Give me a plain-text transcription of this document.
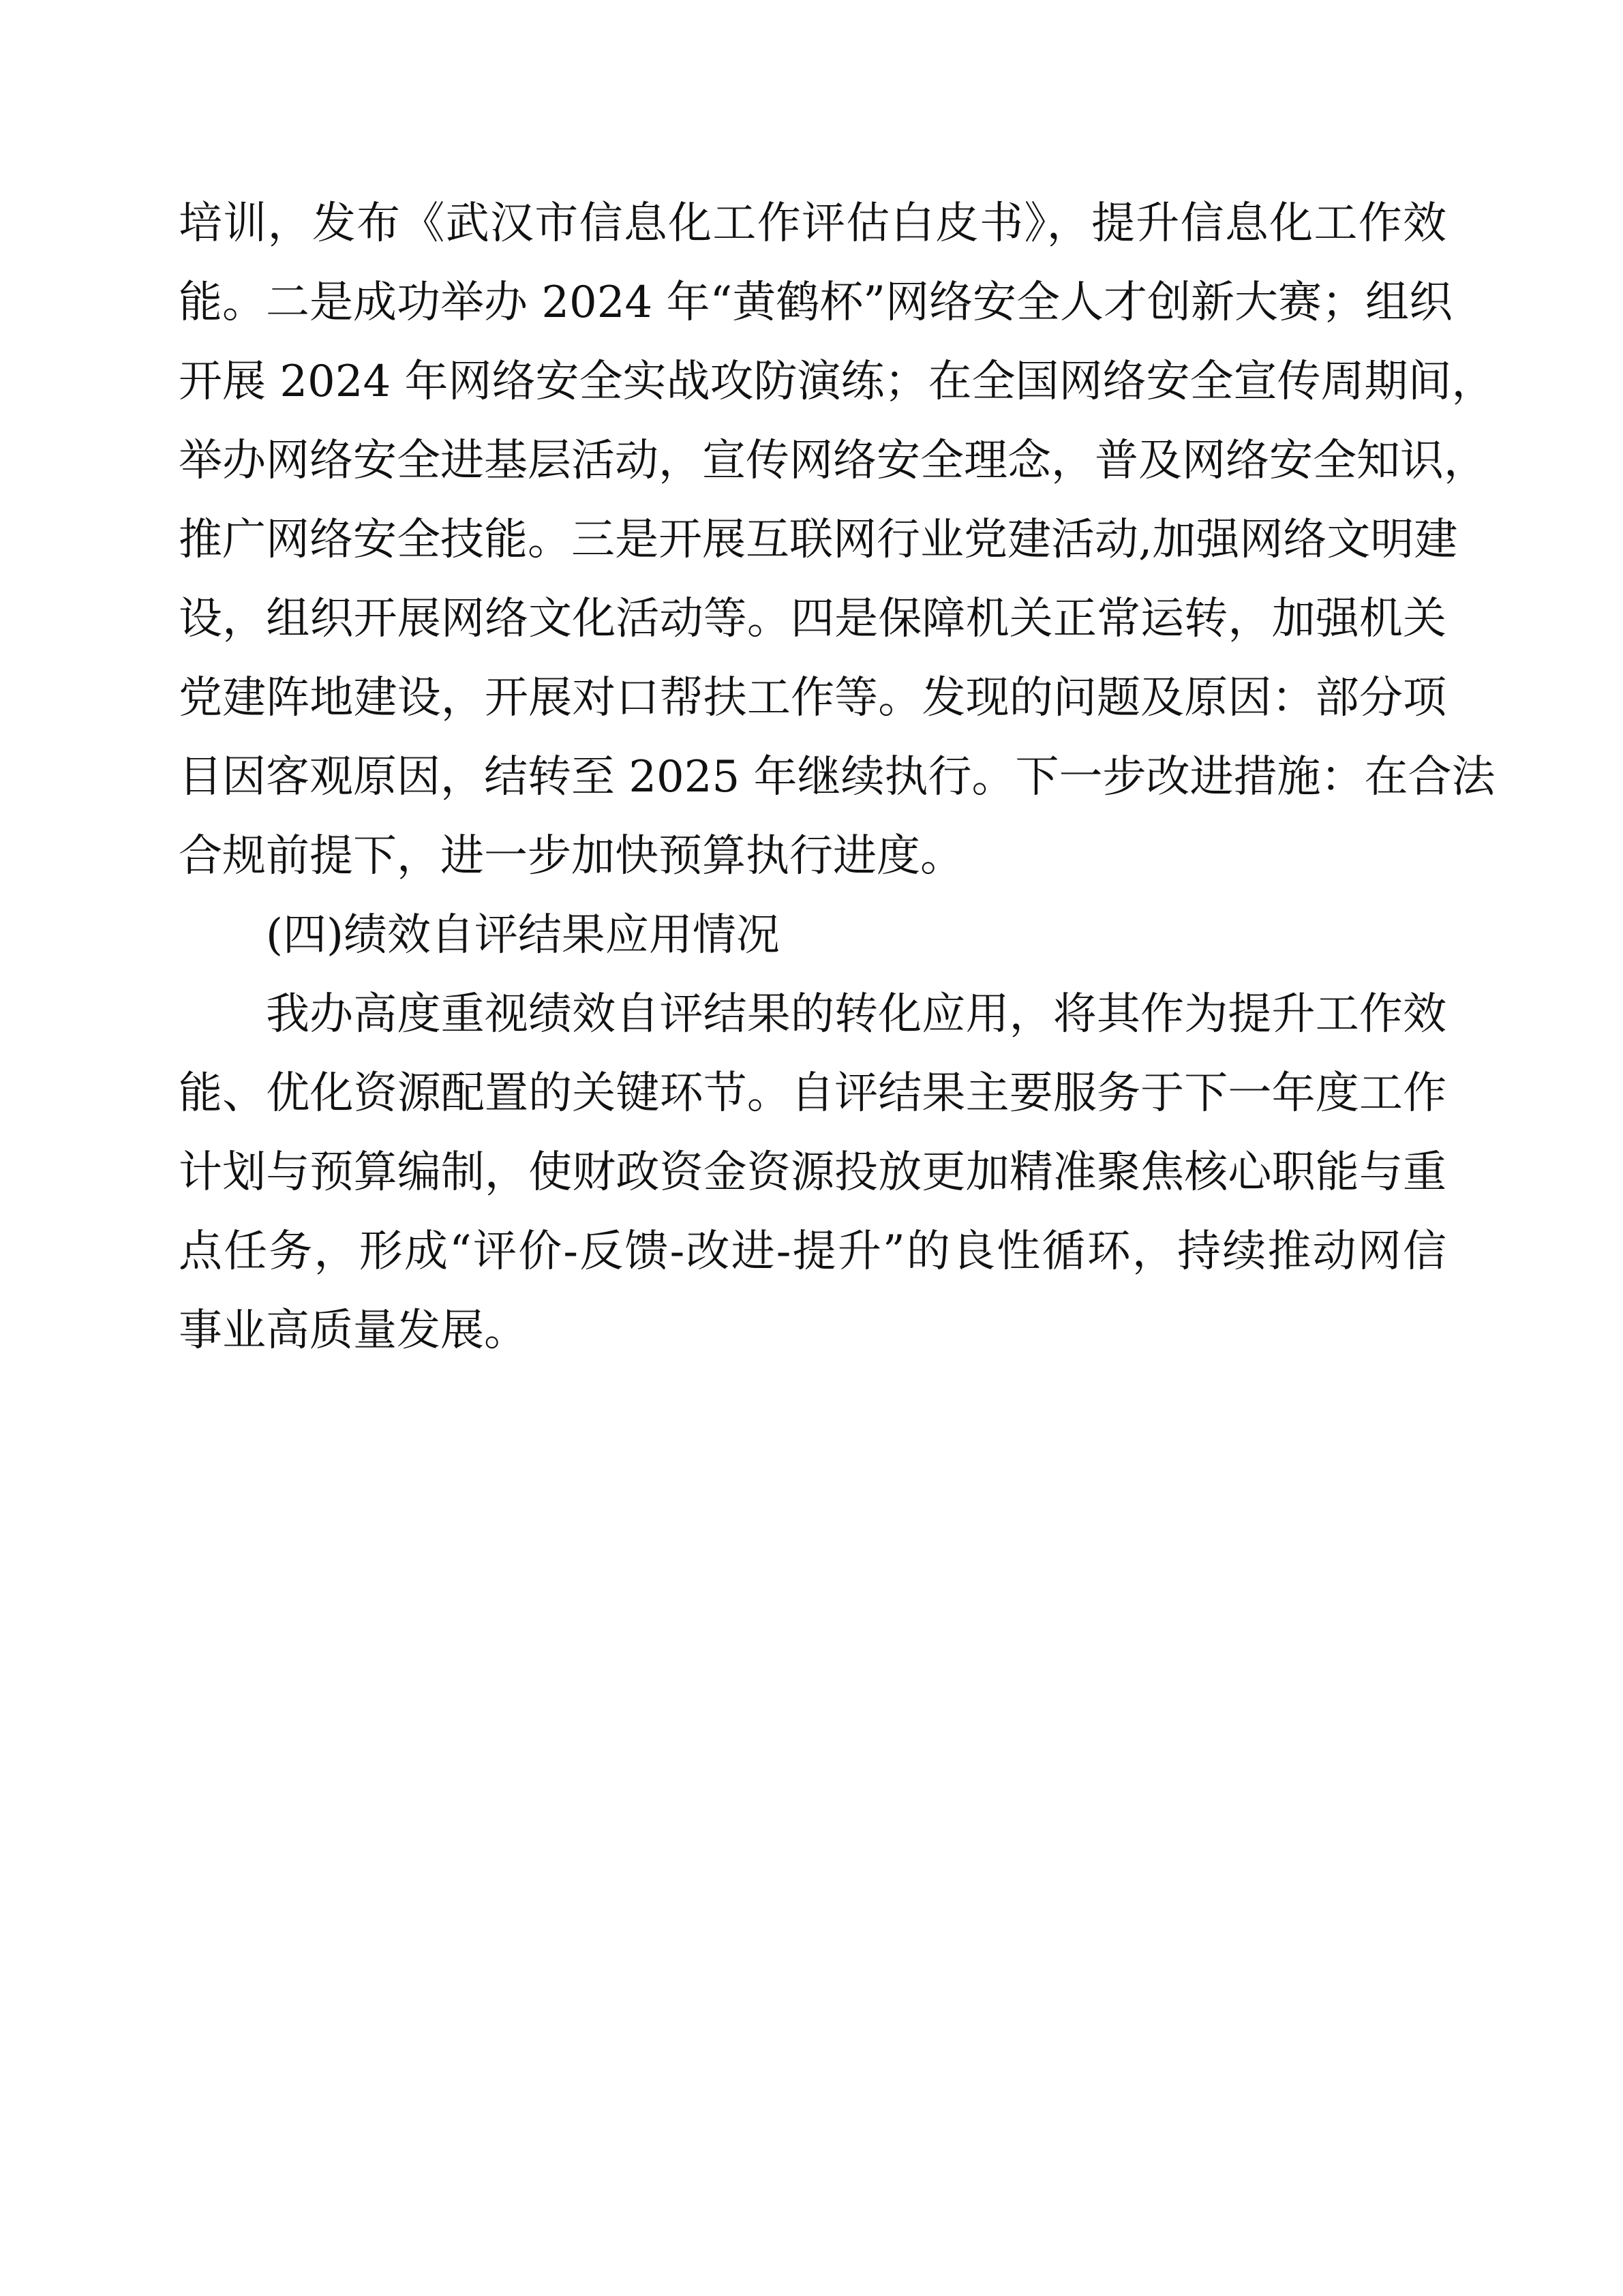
培训，发布《武汉市信息化工作评估白皮书》，提升信息化工作效
能。二是成功举办 2024 年“黄鹤杯”网络安全人才创新大赛；组织
开展 2024 年网络安全实战攻防演练；在全国网络安全宣传周期间，
举办网络安全进基层活动，宣传网络安全理念，普及网络安全知识，
推广网络安全技能。三是开展互联网行业党建活动,加强网络文明建
设，组织开展网络文化活动等。四是保障机关正常运转，加强机关
党建阵地建设，开展对口帮扶工作等。发现的问题及原因：部分项
目因客观原因，结转至 2025 年继续执行。下一步改进措施：在合法
合规前提下，进一步加快预算执行进度。
(四)绩效自评结果应用情况
我办高度重视绩效自评结果的转化应用，将其作为提升工作效
能、优化资源配置的关键环节。自评结果主要服务于下一年度工作
计划与预算编制，使财政资金资源投放更加精准聚焦核心职能与重
点任务，形成“评价-反馈-改进-提升”的良性循环，持续推动网信
事业高质量发展。
